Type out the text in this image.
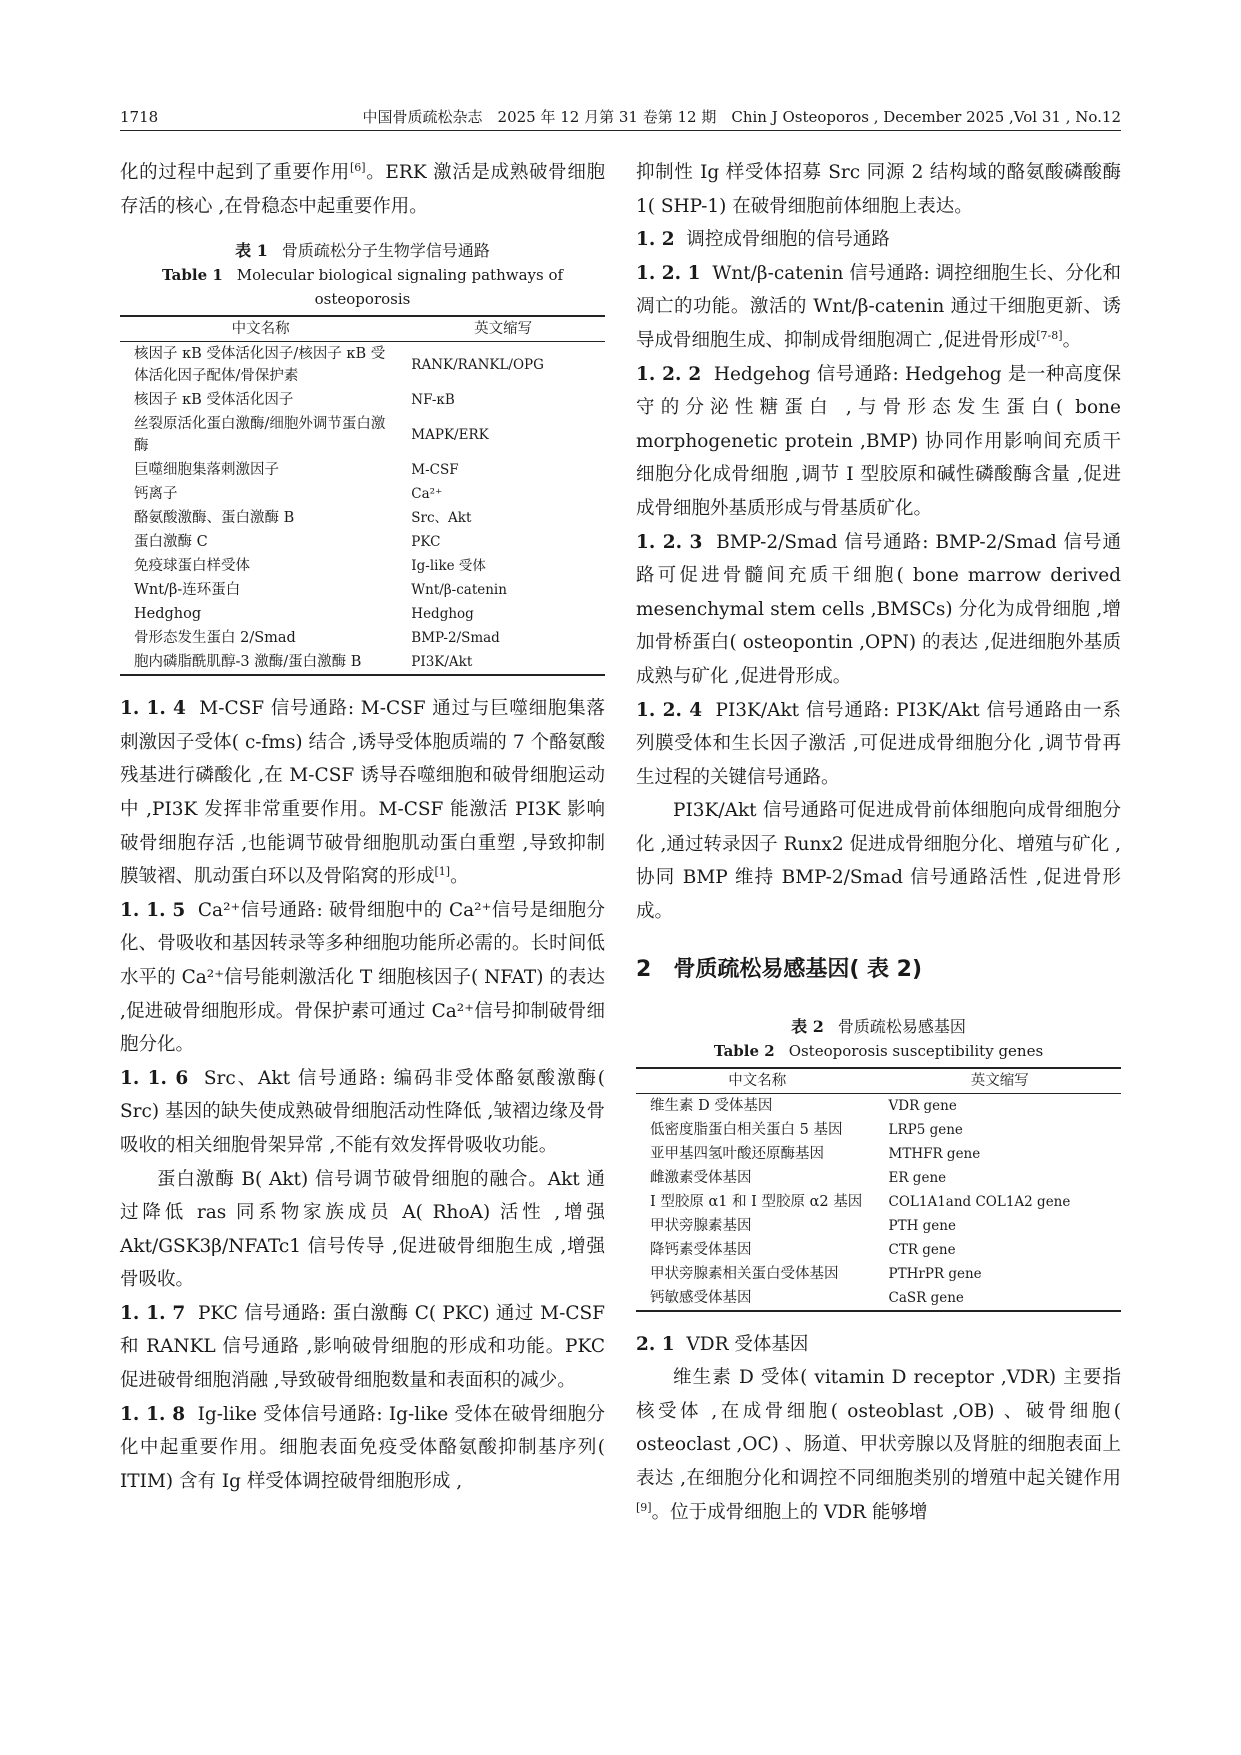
1718	中国骨质疏松杂志　2025 年 12 月第 31 卷第 12 期　Chin J Osteoporos , December 2025 ,Vol 31 , No.12

化的过程中起到了重要作用[6]。ERK 激活是成熟破骨细胞存活的核心 ,在骨稳态中起重要作用。

表 1 骨质疏松分子生物学信号通路

Table 1 Molecular biological signaling pathways of osteoporosis

中文名称	英文缩写
核因子 κB 受体活化因子/核因子 κB 受体活化因子配体/骨保护素	RANK/RANKL/OPG
核因子 κB 受体活化因子	NF-κB
丝裂原活化蛋白激酶/细胞外调节蛋白激酶	MAPK/ERK
巨噬细胞集落刺激因子	M-CSF
钙离子	Ca²⁺
酪氨酸激酶、蛋白激酶 B	Src、Akt
蛋白激酶 C	PKC
免疫球蛋白样受体	Ig-like 受体
Wnt/β-连环蛋白	Wnt/β-catenin
Hedghog	Hedghog
骨形态发生蛋白 2/Smad	BMP-2/Smad
胞内磷脂酰肌醇-3 激酶/蛋白激酶 B	PI3K/Akt

1. 1. 4 M-CSF 信号通路: M-CSF 通过与巨噬细胞集落刺激因子受体( c-fms) 结合 ,诱导受体胞质端的 7 个酪氨酸残基进行磷酸化 ,在 M-CSF 诱导吞噬细胞和破骨细胞运动中 ,PI3K 发挥非常重要作用。M-CSF 能激活 PI3K 影响破骨细胞存活 ,也能调节破骨细胞肌动蛋白重塑 ,导致抑制膜皱褶、肌动蛋白环以及骨陷窝的形成[1]。

1. 1. 5 Ca²⁺信号通路: 破骨细胞中的 Ca²⁺信号是细胞分化、骨吸收和基因转录等多种细胞功能所必需的。长时间低水平的 Ca²⁺信号能刺激活化 T 细胞核因子( NFAT) 的表达 ,促进破骨细胞形成。骨保护素可通过 Ca²⁺信号抑制破骨细胞分化。

1. 1. 6 Src、Akt 信号通路: 编码非受体酪氨酸激酶( Src) 基因的缺失使成熟破骨细胞活动性降低 ,皱褶边缘及骨吸收的相关细胞骨架异常 ,不能有效发挥骨吸收功能。

蛋白激酶 B( Akt) 信号调节破骨细胞的融合。Akt 通过降低 ras 同系物家族成员 A( RhoA) 活性 ,增强 Akt/GSK3β/NFATc1 信号传导 ,促进破骨细胞生成 ,增强骨吸收。

1. 1. 7 PKC 信号通路: 蛋白激酶 C( PKC) 通过 M-CSF 和 RANKL 信号通路 ,影响破骨细胞的形成和功能。PKC 促进破骨细胞消融 ,导致破骨细胞数量和表面积的减少。

1. 1. 8 Ig-like 受体信号通路: Ig-like 受体在破骨细胞分化中起重要作用。细胞表面免疫受体酪氨酸抑制基序列( ITIM) 含有 Ig 样受体调控破骨细胞形成 ,

抑制性 Ig 样受体招募 Src 同源 2 结构域的酪氨酸磷酸酶 1( SHP-1) 在破骨细胞前体细胞上表达。

1. 2 调控成骨细胞的信号通路

1. 2. 1 Wnt/β-catenin 信号通路: 调控细胞生长、分化和凋亡的功能。激活的 Wnt/β-catenin 通过干细胞更新、诱导成骨细胞生成、抑制成骨细胞凋亡 ,促进骨形成[7-8]。

1. 2. 2 Hedgehog 信号通路: Hedgehog 是一种高度保守的分泌性糖蛋白 ,与骨形态发生蛋白( bone morphogenetic protein ,BMP) 协同作用影响间充质干细胞分化成骨细胞 ,调节 Ⅰ 型胶原和碱性磷酸酶含量 ,促进成骨细胞外基质形成与骨基质矿化。

1. 2. 3 BMP-2/Smad 信号通路: BMP-2/Smad 信号通路可促进骨髓间充质干细胞( bone marrow derived mesenchymal stem cells ,BMSCs) 分化为成骨细胞 ,增加骨桥蛋白( osteopontin ,OPN) 的表达 ,促进细胞外基质成熟与矿化 ,促进骨形成。

1. 2. 4 PI3K/Akt 信号通路: PI3K/Akt 信号通路由一系列膜受体和生长因子激活 ,可促进成骨细胞分化 ,调节骨再生过程的关键信号通路。

PI3K/Akt 信号通路可促进成骨前体细胞向成骨细胞分化 ,通过转录因子 Runx2 促进成骨细胞分化、增殖与矿化 ,协同 BMP 维持 BMP-2/Smad 信号通路活性 ,促进骨形成。

2 骨质疏松易感基因( 表 2)

表 2 骨质疏松易感基因

Table 2 Osteoporosis susceptibility genes

中文名称	英文缩写
维生素 D 受体基因	VDR gene
低密度脂蛋白相关蛋白 5 基因	LRP5 gene
亚甲基四氢叶酸还原酶基因	MTHFR gene
雌激素受体基因	ER gene
Ⅰ 型胶原 α1 和 Ⅰ 型胶原 α2 基因	COL1A1and COL1A2 gene
甲状旁腺素基因	PTH gene
降钙素受体基因	CTR gene
甲状旁腺素相关蛋白受体基因	PTHrPR gene
钙敏感受体基因	CaSR gene

2. 1 VDR 受体基因

维生素 D 受体( vitamin D receptor ,VDR) 主要指核受体 ,在成骨细胞( osteoblast ,OB) 、破骨细胞( osteoclast ,OC) 、肠道、甲状旁腺以及肾脏的细胞表面上表达 ,在细胞分化和调控不同细胞类别的增殖中起关键作用[9]。位于成骨细胞上的 VDR 能够增
